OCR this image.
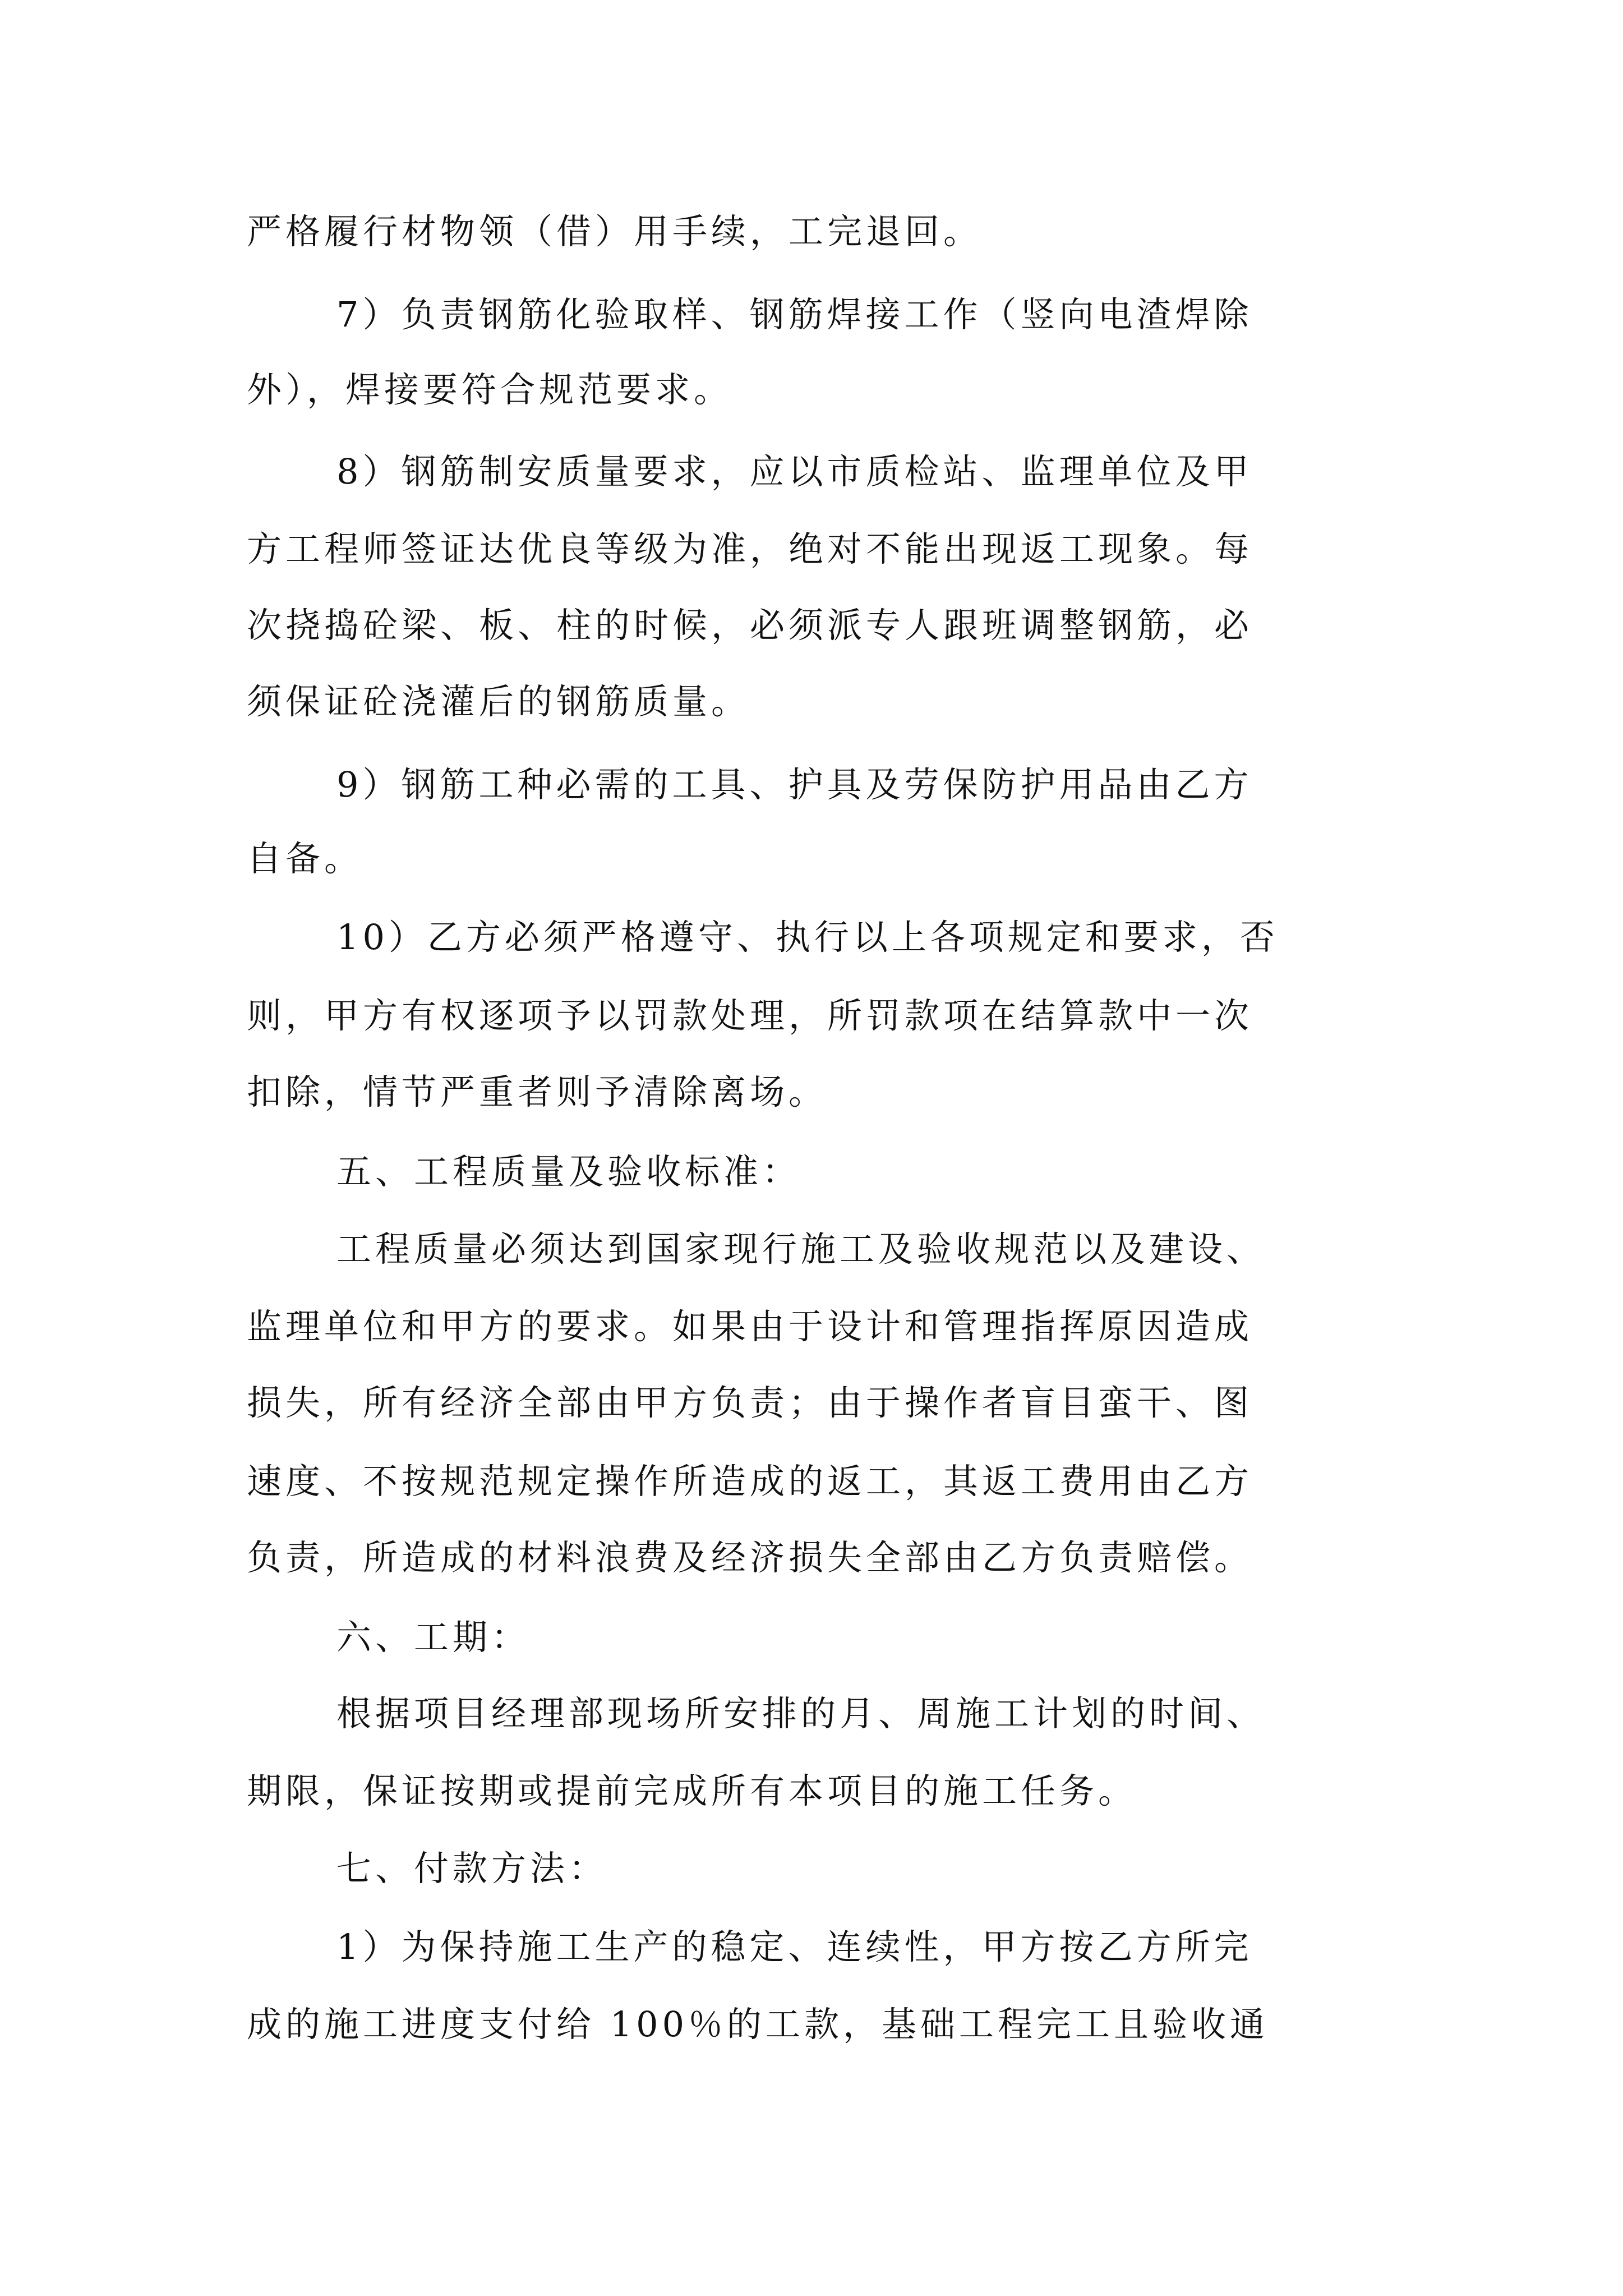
严格履行材物领（借）用手续，工完退回。
7）负责钢筋化验取样、钢筋焊接工作（竖向电渣焊除
外），焊接要符合规范要求。
8）钢筋制安质量要求，应以市质检站、监理单位及甲
方工程师签证达优良等级为准，绝对不能出现返工现象。每
次挠捣砼梁、板、柱的时候，必须派专人跟班调整钢筋，必
须保证砼浇灌后的钢筋质量。
9）钢筋工种必需的工具、护具及劳保防护用品由乙方
自备。
10）乙方必须严格遵守、执行以上各项规定和要求，否
则，甲方有权逐项予以罚款处理，所罚款项在结算款中一次
扣除，情节严重者则予清除离场。
五、工程质量及验收标准：
工程质量必须达到国家现行施工及验收规范以及建设、
监理单位和甲方的要求。如果由于设计和管理指挥原因造成
损失，所有经济全部由甲方负责；由于操作者盲目蛮干、图
速度、不按规范规定操作所造成的返工，其返工费用由乙方
负责，所造成的材料浪费及经济损失全部由乙方负责赔偿。
六、工期：
根据项目经理部现场所安排的月、周施工计划的时间、
期限，保证按期或提前完成所有本项目的施工任务。
七、付款方法：
1）为保持施工生产的稳定、连续性，甲方按乙方所完
成的施工进度支付给 100％的工款，基础工程完工且验收通
